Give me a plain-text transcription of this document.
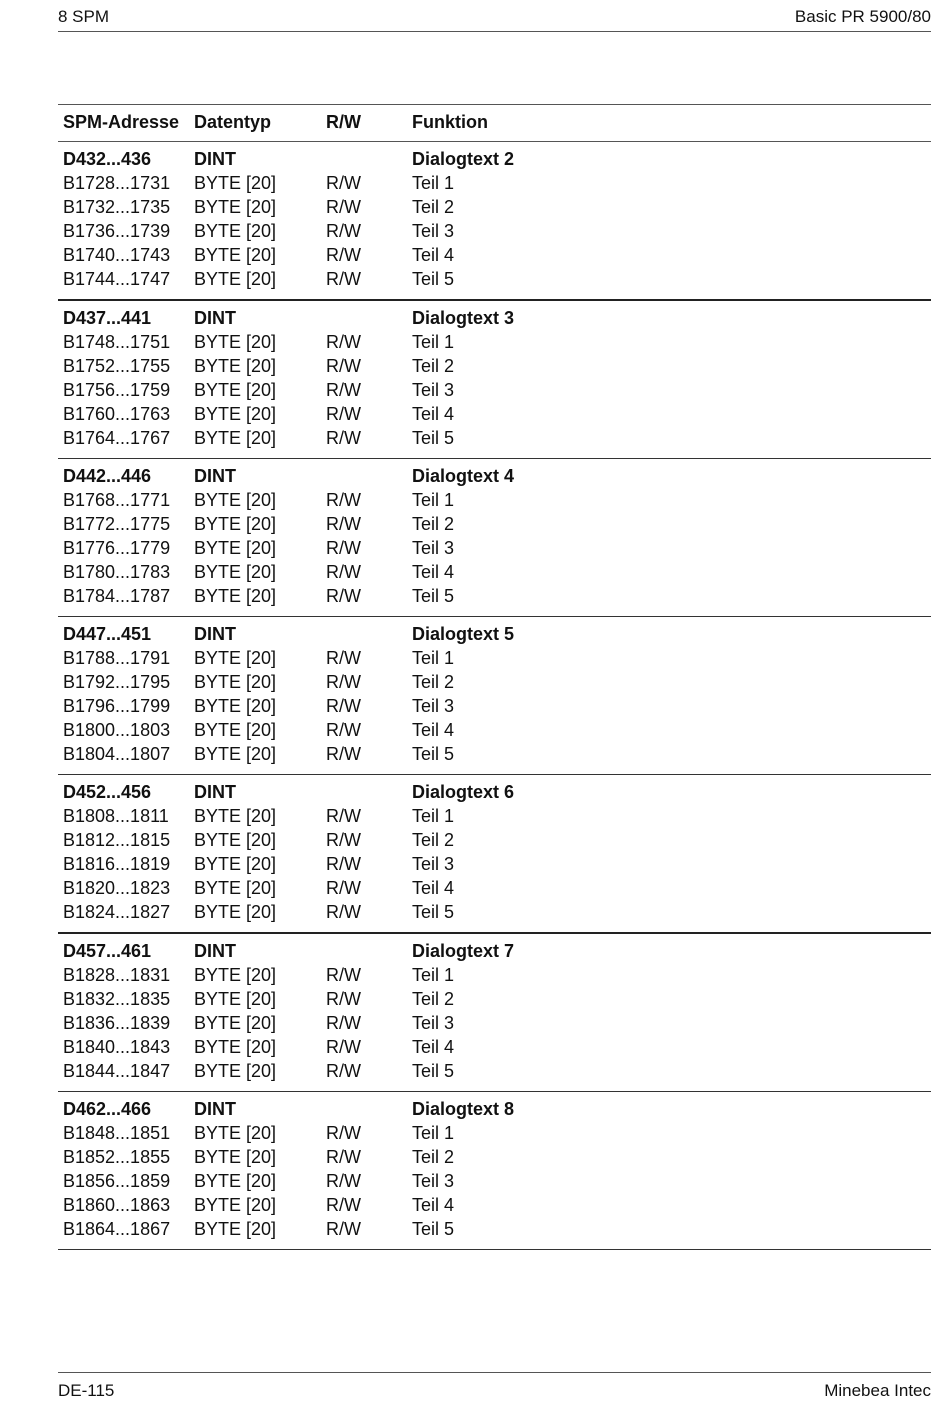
8 SPM	Basic PR 5900/80
SPM-Adresse Datentyp	R/W	Funktion
D432...436 DINT	Dialogtext 2
B1728...1731 BYTE [20]	R/W	Teil 1
B1732...1735 BYTE [20]	R/W	Teil 2
B1736...1739 BYTE [20]	R/W	Teil 3
B1740...1743 BYTE [20]	R/W	Teil 4
B1744...1747 BYTE [20]	R/W	Teil 5
D437...441 DINT	Dialogtext 3
B1748...1751 BYTE [20]	R/W	Teil 1
B1752...1755 BYTE [20]	R/W	Teil 2
B1756...1759 BYTE [20]	R/W	Teil 3
B1760...1763 BYTE [20]	R/W	Teil 4
B1764...1767 BYTE [20]	R/W	Teil 5
D442...446 DINT	Dialogtext 4
B1768...1771 BYTE [20]	R/W	Teil 1
B1772...1775 BYTE [20]	R/W	Teil 2
B1776...1779 BYTE [20]	R/W	Teil 3
B1780...1783 BYTE [20]	R/W	Teil 4
B1784...1787 BYTE [20]	R/W	Teil 5
D447...451 DINT	Dialogtext 5
B1788...1791 BYTE [20]	R/W	Teil 1
B1792...1795 BYTE [20]	R/W	Teil 2
B1796...1799 BYTE [20]	R/W	Teil 3
B1800...1803 BYTE [20]	R/W	Teil 4
B1804...1807 BYTE [20]	R/W	Teil 5
D452...456 DINT	Dialogtext 6
B1808...1811 BYTE [20]	R/W	Teil 1
B1812...1815 BYTE [20]	R/W	Teil 2
B1816...1819 BYTE [20]	R/W	Teil 3
B1820...1823 BYTE [20]	R/W	Teil 4
B1824...1827 BYTE [20]	R/W	Teil 5
D457...461 DINT	Dialogtext 7
B1828...1831 BYTE [20]	R/W	Teil 1
B1832...1835 BYTE [20]	R/W	Teil 2
B1836...1839 BYTE [20]	R/W	Teil 3
B1840...1843 BYTE [20]	R/W	Teil 4
B1844...1847 BYTE [20]	R/W	Teil 5
D462...466 DINT	Dialogtext 8
B1848...1851 BYTE [20]	R/W	Teil 1
B1852...1855 BYTE [20]	R/W	Teil 2
B1856...1859 BYTE [20]	R/W	Teil 3
B1860...1863 BYTE [20]	R/W	Teil 4
B1864...1867 BYTE [20]	R/W	Teil 5
DE-115	Minebea Intec
